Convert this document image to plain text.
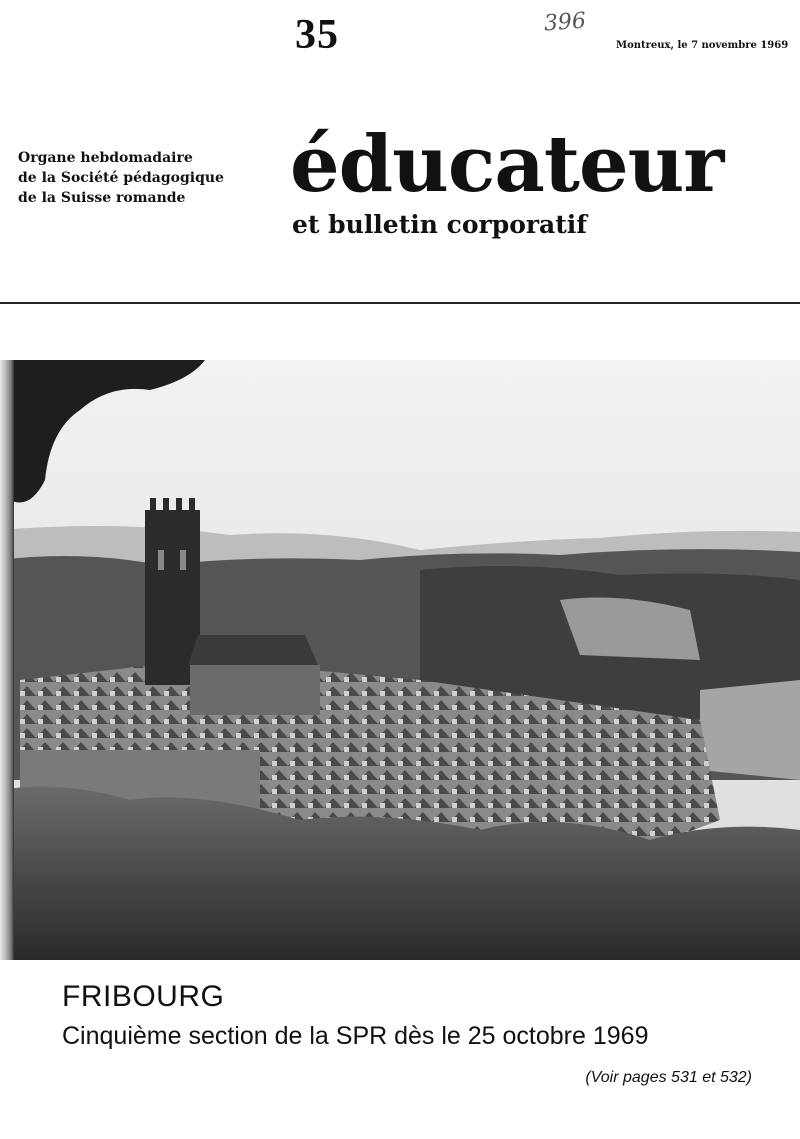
35	396
Montreux, le 7 novembre 1969
Organe hebdomadaire
de la Société pédagogique
de la Suisse romande	éducateur
et bulletin corporatif
FRIBOURG
Cinquième section de la SPR dès le 25 octobre 1969
(Voir pages 531 et 532)
